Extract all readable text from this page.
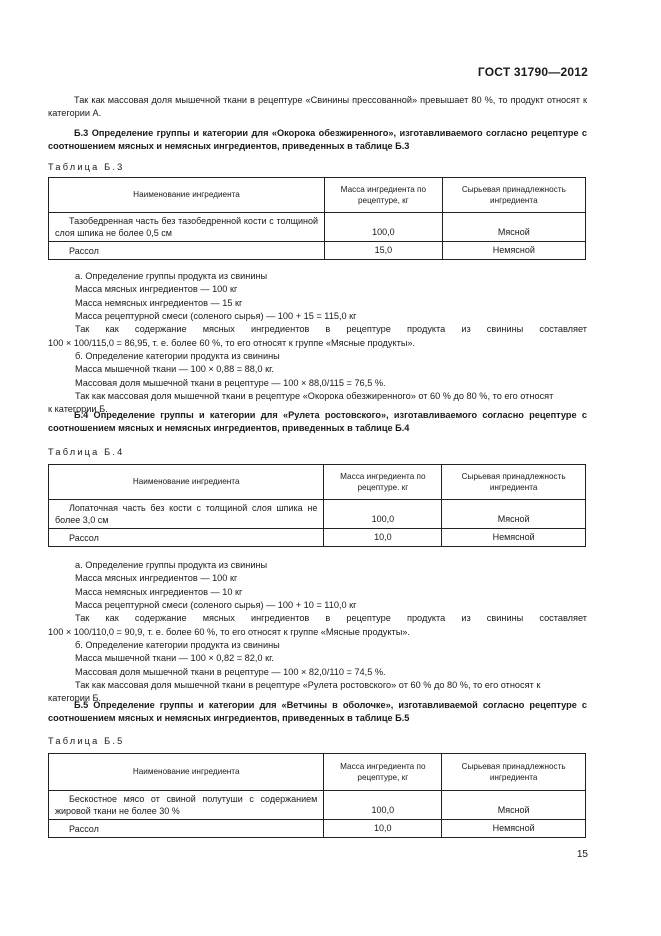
ГОСТ 31790—2012
Так как массовая доля мышечной ткани в рецептуре «Свинины прессованной» превышает 80 %, то продукт относят к категории А.
Б.3 Определение группы и категории для «Окорока обезжиренного», изготавливаемого согласно рецептуре с соотношением мясных и немясных ингредиентов, приведенных в таблице Б.3
Таблица Б.3
Наименование ингредиента	Масса ингредиента по рецептуре, кг	Сырьевая принадлежность ингредиента
Тазобедренная часть без тазобедренной кости с толщиной слоя шпика не более 0,5 см	100,0	Мясной
Рассол	15,0	Немясной
а. Определение группы продукта из свинины
Масса мясных ингредиентов — 100 кг
Масса немясных ингредиентов — 15 кг
Масса рецептурной смеси (соленого сырья) — 100 + 15 = 115,0 кг
Так как содержание мясных ингредиентов в рецептуре продукта из свинины составляет
100 × 100/115,0 = 86,95, т. е. более 60 %, то его относят к группе «Мясные продукты».
б. Определение категории продукта из свинины
Масса мышечной ткани — 100 × 0,88 = 88,0 кг.
Массовая доля мышечной ткани в рецептуре — 100 × 88,0/115 = 76,5 %.
Так как массовая доля мышечной ткани в рецептуре «Окорока обезжиренного» от 60 % до 80 %, то его относят
к категории Б.
Б.4 Определение группы и категории для «Рулета ростовского», изготавливаемого согласно рецептуре с соотношением мясных и немясных ингредиентов, приведенных в таблице Б.4
Таблица Б.4
Наименование ингредиента	Масса ингредиента по рецептуре. кг	Сырьевая принадлежность ингредиента
Лопаточная часть без кости с толщиной слоя шпика не более 3,0 см	100,0	Мясной
Рассол	10,0	Немясной
а. Определение группы продукта из свинины
Масса мясных ингредиентов — 100 кг
Масса немясных ингредиентов — 10 кг
Масса рецептурной смеси (соленого сырья) — 100 + 10 = 110,0 кг
Так как содержание мясных ингредиентов в рецептуре продукта из свинины составляет
100 × 100/110,0 = 90,9, т. е. более 60 %, то его относят к группе «Мясные продукты».
б. Определение категории продукта из свинины
Масса мышечной ткани — 100 × 0,82 = 82,0 кг.
Массовая доля мышечной ткани в рецептуре — 100 × 82,0/110 = 74,5 %.
Так как массовая доля мышечной ткани в рецептуре «Рулета ростовского» от 60 % до 80 %, то его относят к
категории Б.
Б.5 Определение группы и категории для «Ветчины в оболочке», изготавливаемой согласно рецептуре с соотношением мясных и немясных ингредиентов, приведенных в таблице Б.5
Таблица Б.5
Наименование ингредиента	Масса ингредиента по рецептуре, кг	Сырьевая принадлежность ингредиента
Бескостное мясо от свиной полутуши с содержанием жировой ткани не более 30 %	100,0	Мясной
Рассол	10,0	Немясной
15
